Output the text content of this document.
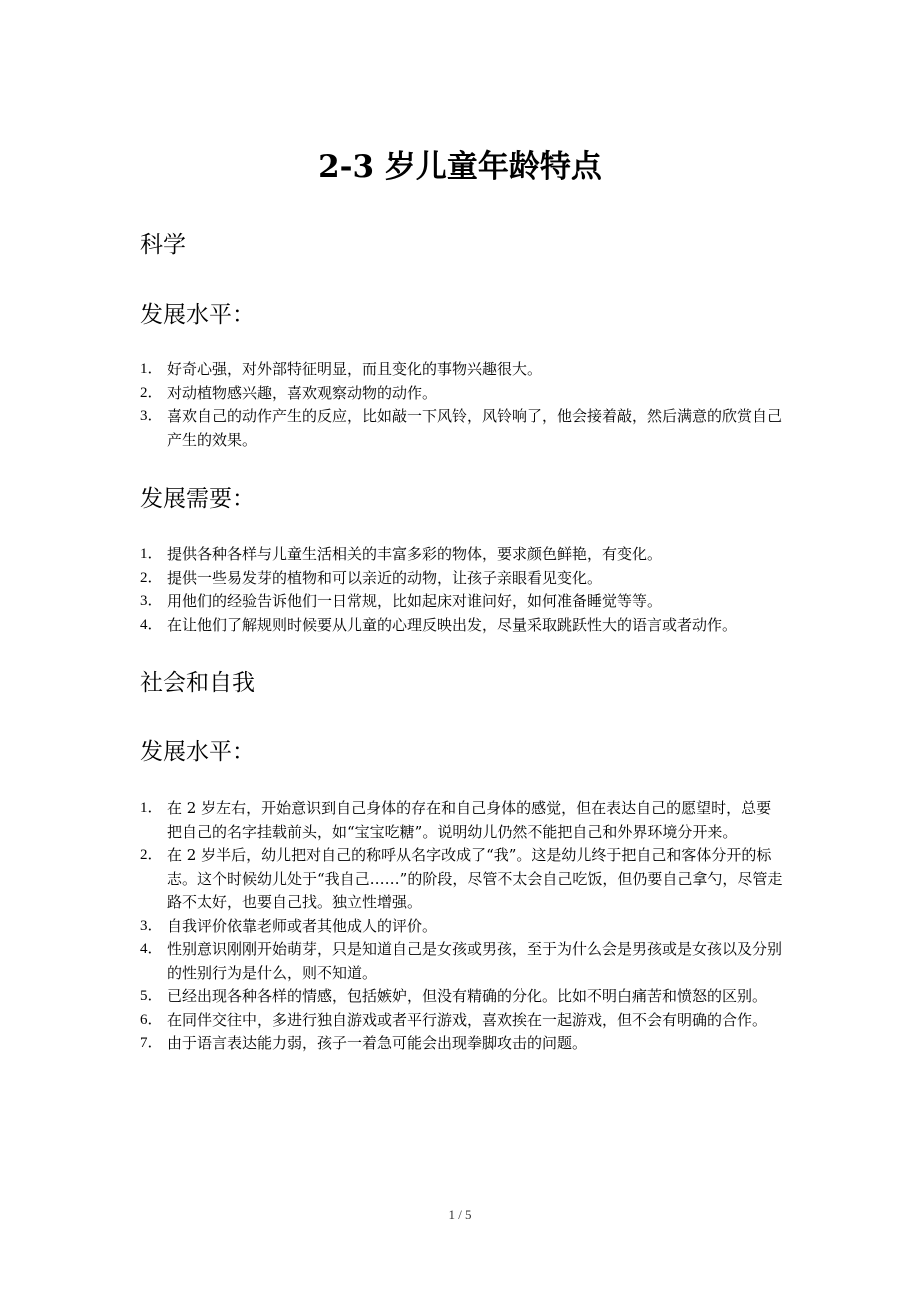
2-3 岁儿童年龄特点
科学
发展水平：
1． 好奇心强，对外部特征明显，而且变化的事物兴趣很大。
2． 对动植物感兴趣，喜欢观察动物的动作。
3． 喜欢自己的动作产生的反应，比如敲一下风铃，风铃响了，他会接着敲，然后满意的欣赏自己产生的效果。
发展需要：
1． 提供各种各样与儿童生活相关的丰富多彩的物体，要求颜色鲜艳，有变化。
2． 提供一些易发芽的植物和可以亲近的动物，让孩子亲眼看见变化。
3． 用他们的经验告诉他们一日常规，比如起床对谁问好，如何准备睡觉等等。
4． 在让他们了解规则时候要从儿童的心理反映出发，尽量采取跳跃性大的语言或者动作。
社会和自我
发展水平：
1． 在 2 岁左右，开始意识到自己身体的存在和自己身体的感觉，但在表达自己的愿望时，总要把自己的名字挂载前头，如“宝宝吃糖”。说明幼儿仍然不能把自己和外界环境分开来。
2． 在 2 岁半后，幼儿把对自己的称呼从名字改成了“我”。这是幼儿终于把自己和客体分开的标志。这个时候幼儿处于“我自己……”的阶段，尽管不太会自己吃饭，但仍要自己拿勺，尽管走路不太好，也要自己找。独立性增强。
3． 自我评价依靠老师或者其他成人的评价。
4． 性别意识刚刚开始萌芽，只是知道自己是女孩或男孩，至于为什么会是男孩或是女孩以及分别的性别行为是什么，则不知道。
5． 已经出现各种各样的情感，包括嫉妒，但没有精确的分化。比如不明白痛苦和愤怒的区别。
6． 在同伴交往中，多进行独自游戏或者平行游戏，喜欢挨在一起游戏，但不会有明确的合作。
7． 由于语言表达能力弱，孩子一着急可能会出现拳脚攻击的问题。
1 / 5
